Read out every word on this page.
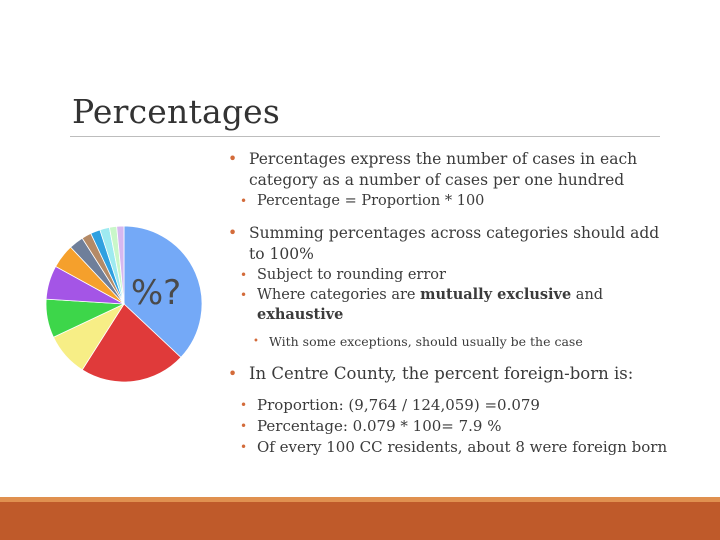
Percentages
%?
• Percentages express the number of cases in each category as a number of cases per one hundred
• Percentage = Proportion * 100
• Summing percentages across categories should add to 100%
• Subject to rounding error
• Where categories are mutually exclusive and exhaustive
• With some exceptions, should usually be the case
• In Centre County, the percent foreign-born is:
• Proportion: (9,764 / 124,059) =0.079
• Percentage: 0.079 * 100= 7.9 %
• Of every 100 CC residents, about 8 were foreign born
